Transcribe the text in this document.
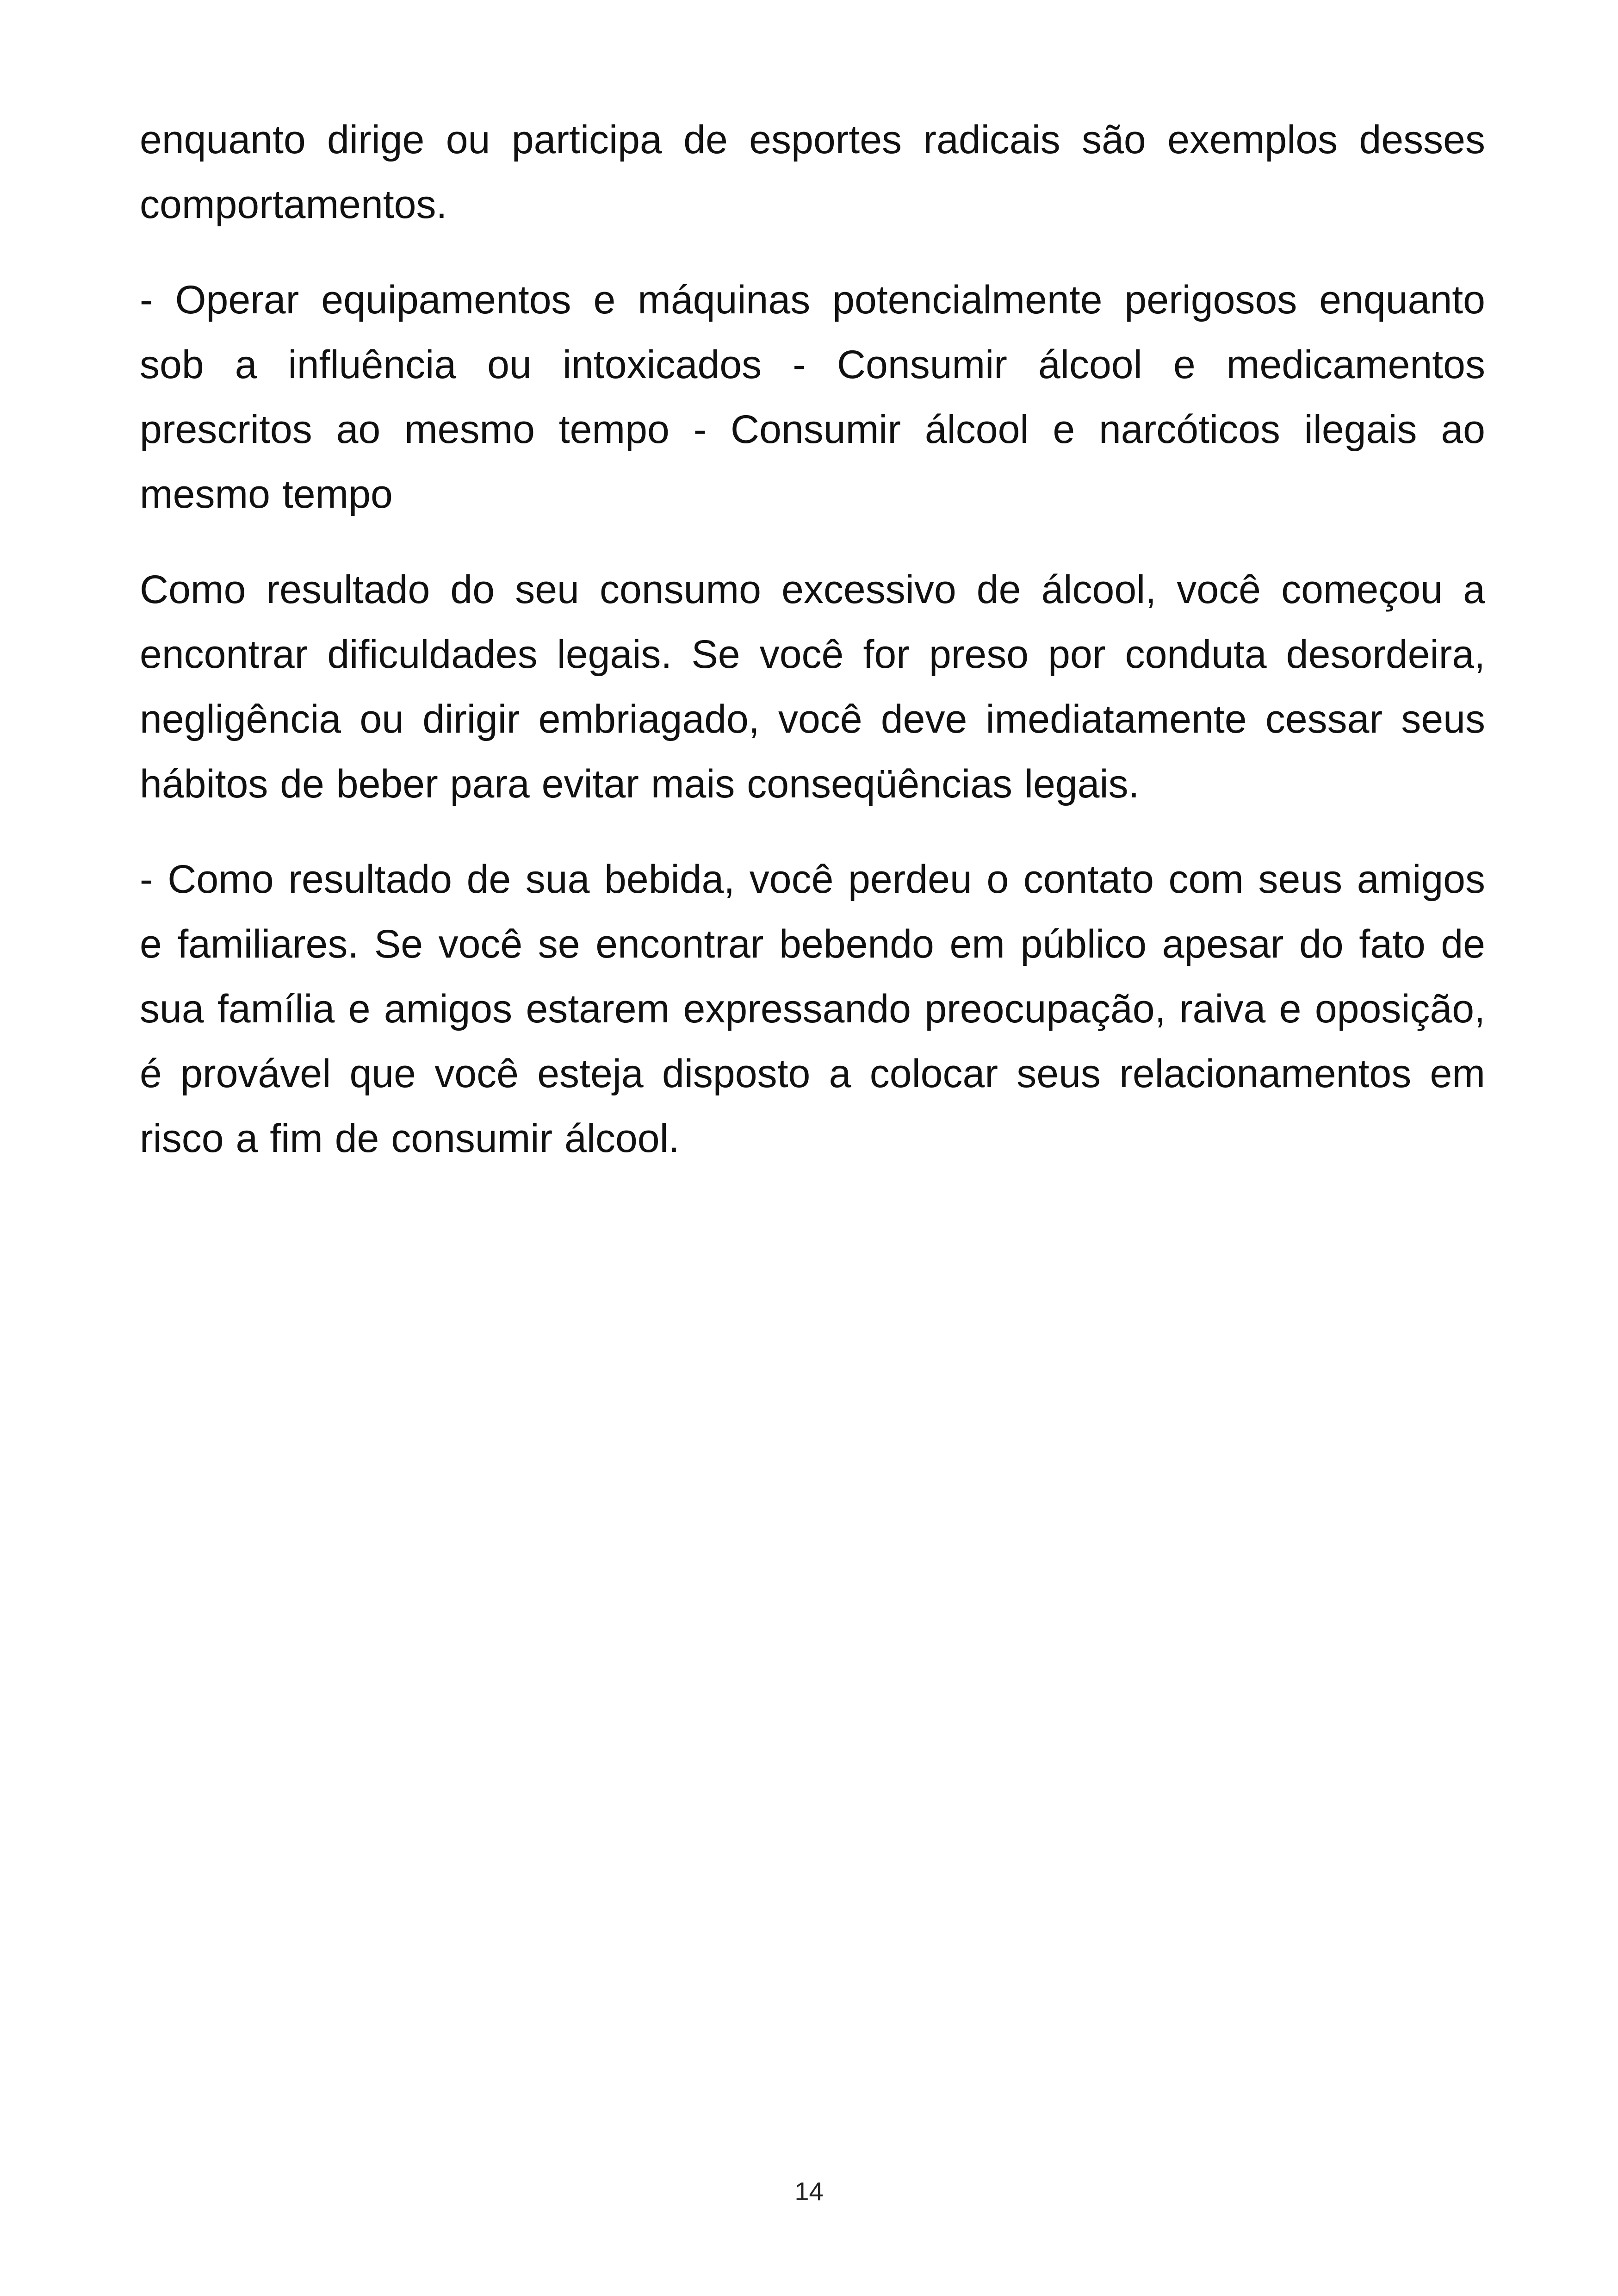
enquanto dirige ou participa de esportes radicais são exemplos desses comportamentos.

- Operar equipamentos e máquinas potencialmente perigosos enquanto sob a influência ou intoxicados - Consumir álcool e medicamentos prescritos ao mesmo tempo - Consumir álcool e narcóticos ilegais ao mesmo tempo

Como resultado do seu consumo excessivo de álcool, você começou a encontrar dificuldades legais. Se você for preso por conduta desordeira, negligência ou dirigir embriagado, você deve imediatamente cessar seus hábitos de beber para evitar mais conseqüências legais.

- Como resultado de sua bebida, você perdeu o contato com seus amigos e familiares. Se você se encontrar bebendo em público apesar do fato de sua família e amigos estarem expressando preocupação, raiva e oposição, é provável que você esteja disposto a colocar seus relacionamentos em risco a fim de consumir álcool.

14
